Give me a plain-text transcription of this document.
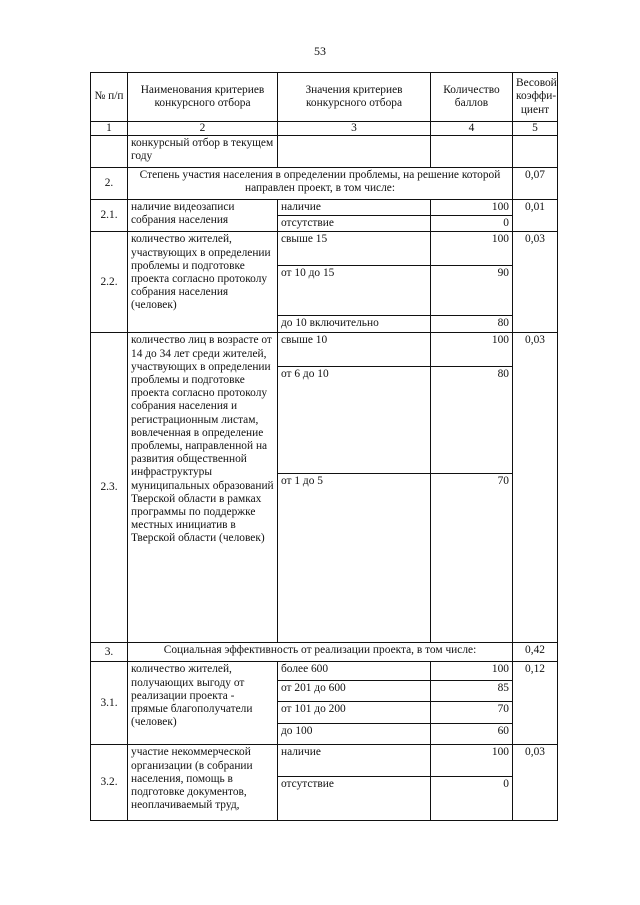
53
№ п/п	Наименования критериев конкурсного отбора	Значения критериев конкурсного отбора	Количество баллов	Весовой коэффи-циент
1	2	3	4	5
	конкурсный отбор в текущем году			
2.	Степень участия населения в определении проблемы, на решение которой направлен проект, в том числе:			0,07
2.1.	наличие видеозаписи собрания населения	наличие	100	0,01
		отсутствие	0	
2.2.	количество жителей, участвующих в определении проблемы и подготовке проекта согласно протоколу собрания населения (человек)	свыше 15	100	0,03
		от 10 до 15	90	
		до 10 включительно	80	
2.3.	количество лиц в возрасте от 14 до 34 лет среди жителей, участвующих в определении проблемы и подготовке проекта согласно протоколу собрания населения и регистрационным листам, вовлеченная в определение проблемы, направленной на развития общественной инфраструктуры муниципальных образований Тверской области в рамках программы по поддержке местных инициатив в Тверской области (человек)	свыше 10	100	0,03
		от 6 до 10	80	
		от 1 до 5	70	
3.	Социальная эффективность от реализации проекта, в том числе:			0,42
3.1.	количество жителей, получающих выгоду от реализации проекта - прямые благополучатели (человек)	более 600	100	0,12
		от 201 до 600	85	
		от 101 до 200	70	
		до 100	60	
3.2.	участие некоммерческой организации (в собрании населения, помощь в подготовке документов, неоплачиваемый труд,	наличие	100	0,03
		отсутствие	0	
